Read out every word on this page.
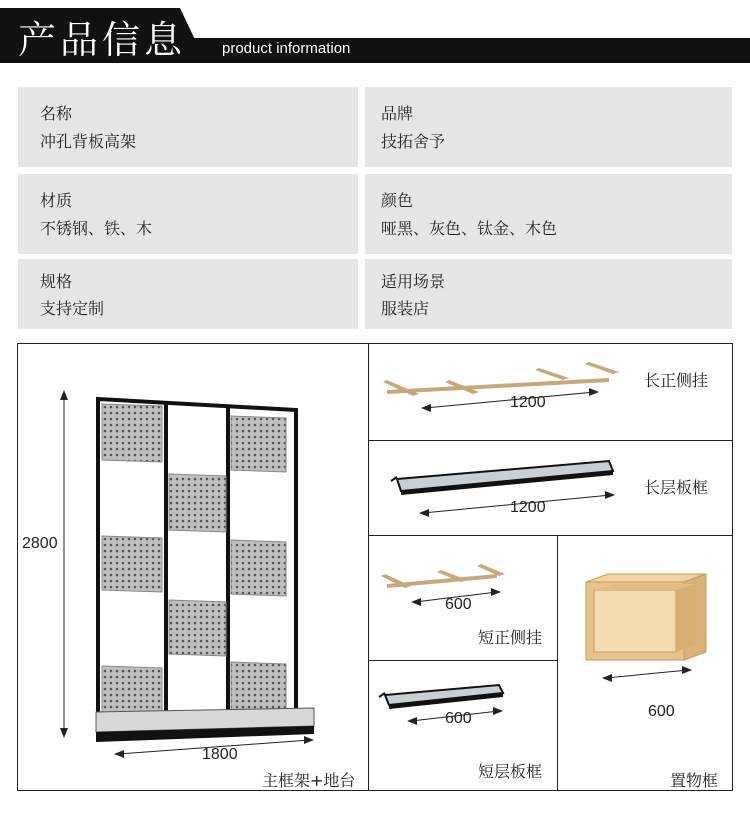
产品信息 product information
名称
冲孔背板高架
品牌
技拓舍予
材质
不锈钢、铁、木
颜色
哑黑、灰色、钛金、木色
规格
支持定制
适用场景
服装店
2800
1800
主框架+地台
1200
长正侧挂
1200
长层板框
600
短正侧挂
600
短层板框
600
置物框
